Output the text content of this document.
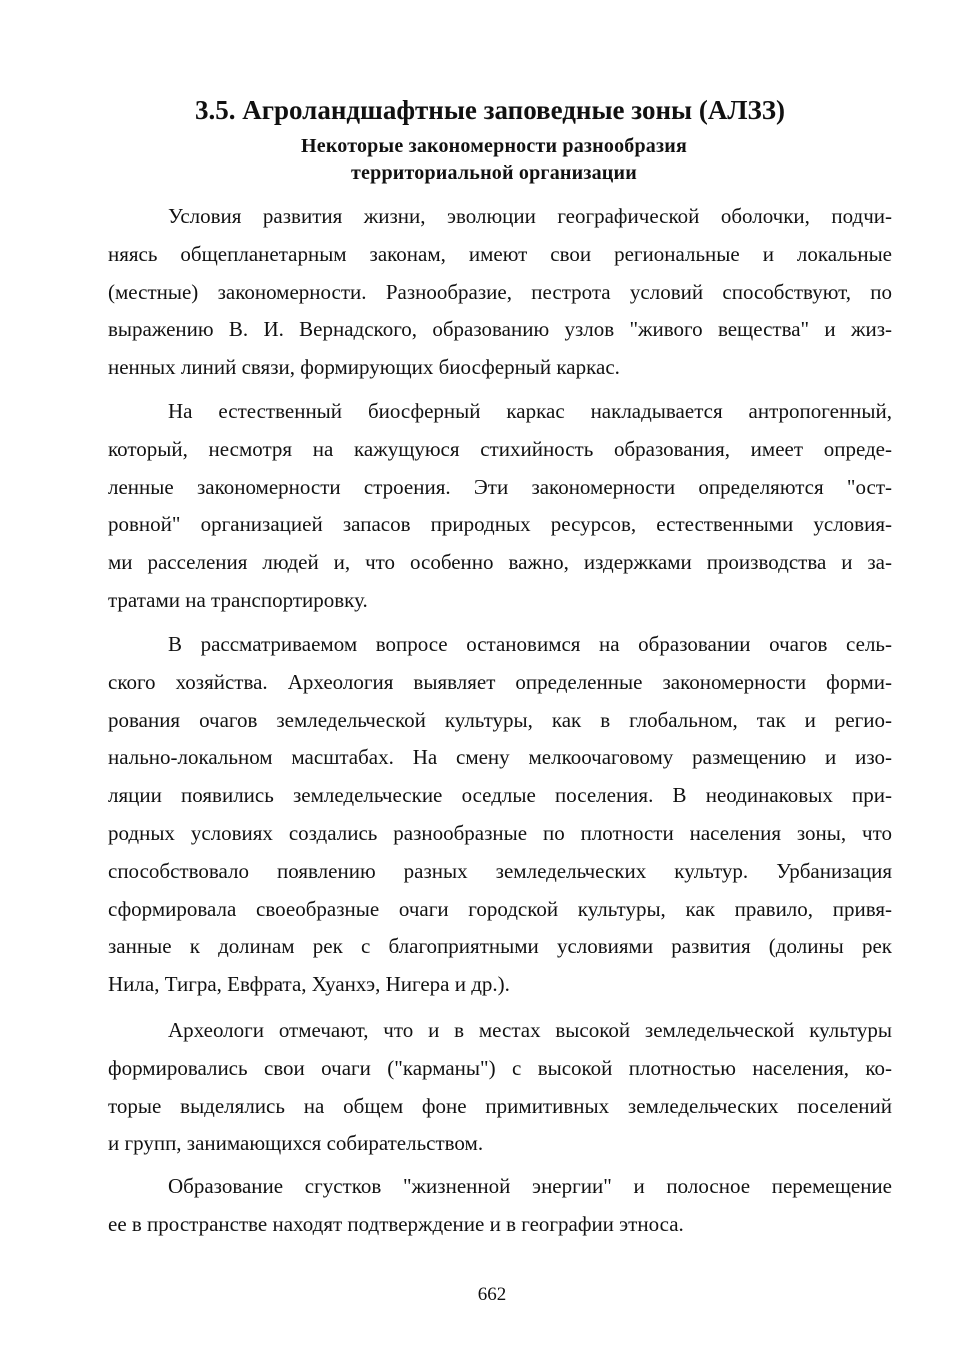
3.5. Агроландшафтные заповедные зоны (АЛЗЗ)
Некоторые закономерности разнообразия
территориальной организации
Условия развития жизни, эволюции географической оболочки, подчи-
няясь общепланетарным законам, имеют свои региональные и локальные
(местные) закономерности. Разнообразие, пестрота условий способствуют, по
выражению В. И. Вернадского, образованию узлов "живого вещества" и жиз-
ненных линий связи, формирующих биосферный каркас.
На естественный биосферный каркас накладывается антропогенный,
который, несмотря на кажущуюся стихийность образования, имеет опреде-
ленные закономерности строения. Эти закономерности определяются "ост-
ровной" организацией запасов природных ресурсов, естественными условия-
ми расселения людей и, что особенно важно, издержками производства и за-
тратами на транспортировку.
В рассматриваемом вопросе остановимся на образовании очагов сель-
ского хозяйства. Археология выявляет определенные закономерности форми-
рования очагов земледельческой культуры, как в глобальном, так и регио-
нально-локальном масштабах. На смену мелкоочаговому размещению и изо-
ляции появились земледельческие оседлые поселения. В неодинаковых при-
родных условиях создались разнообразные по плотности населения зоны, что
способствовало появлению разных земледельческих культур. Урбанизация
сформировала своеобразные очаги городской культуры, как правило, привя-
занные к долинам рек с благоприятными условиями развития (долины рек
Нила, Тигра, Евфрата, Хуанхэ, Нигера и др.).
Археологи отмечают, что и в местах высокой земледельческой культуры
формировались свои очаги ("карманы") с высокой плотностью населения, ко-
торые выделялись на общем фоне примитивных земледельческих поселений
и групп, занимающихся собирательством.
Образование сгустков "жизненной энергии" и полосное перемещение
ее в пространстве находят подтверждение и в географии этноса.
662
